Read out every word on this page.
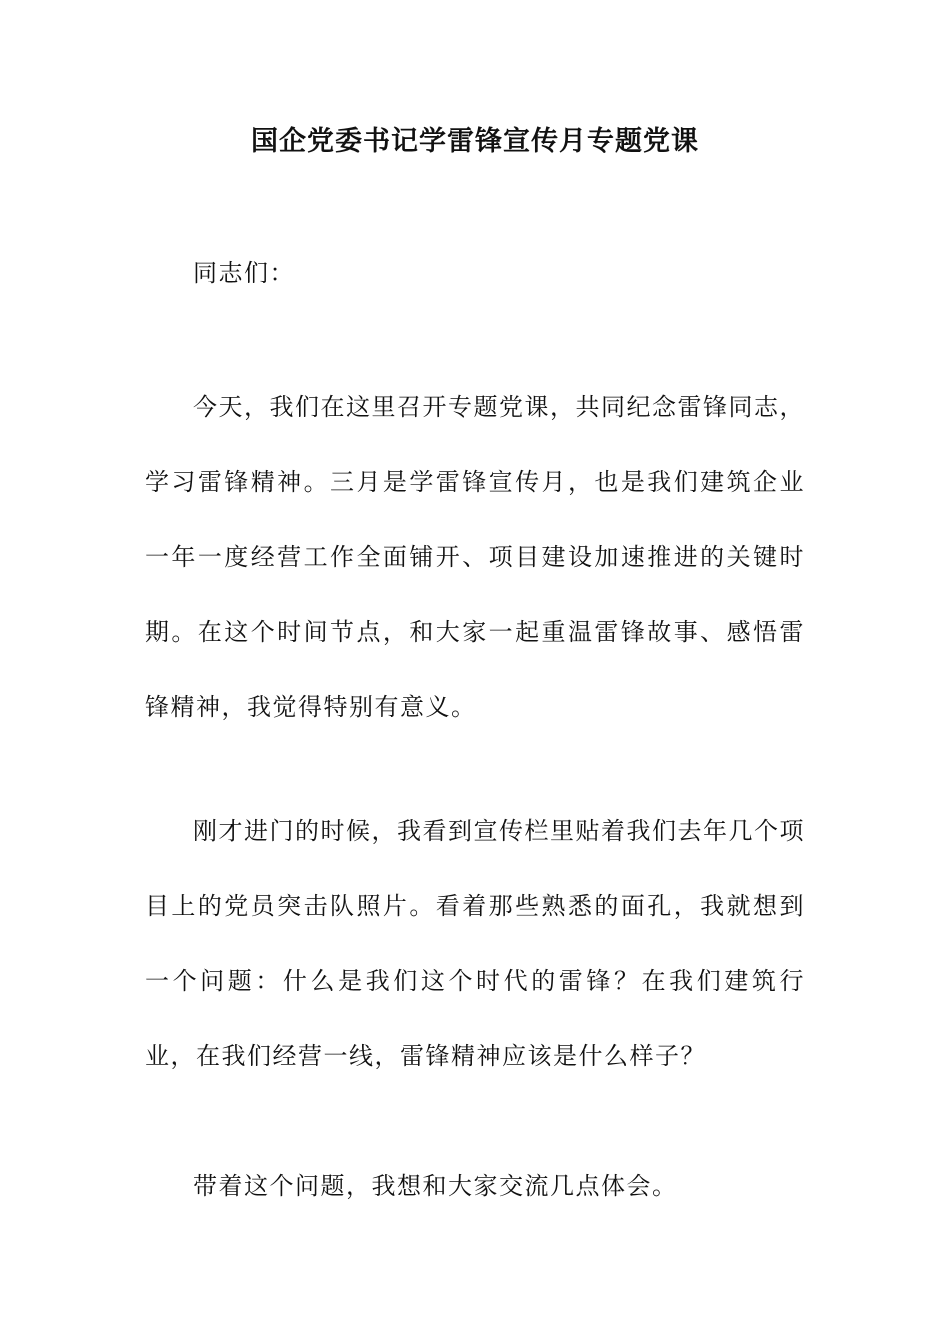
国企党委书记学雷锋宣传月专题党课

同志们：

今天，我们在这里召开专题党课，共同纪念雷锋同志，学习雷锋精神。三月是学雷锋宣传月，也是我们建筑企业一年一度经营工作全面铺开、项目建设加速推进的关键时期。在这个时间节点，和大家一起重温雷锋故事、感悟雷锋精神，我觉得特别有意义。

刚才进门的时候，我看到宣传栏里贴着我们去年几个项目上的党员突击队照片。看着那些熟悉的面孔，我就想到一个问题：什么是我们这个时代的雷锋？在我们建筑行业，在我们经营一线，雷锋精神应该是什么样子？

带着这个问题，我想和大家交流几点体会。
